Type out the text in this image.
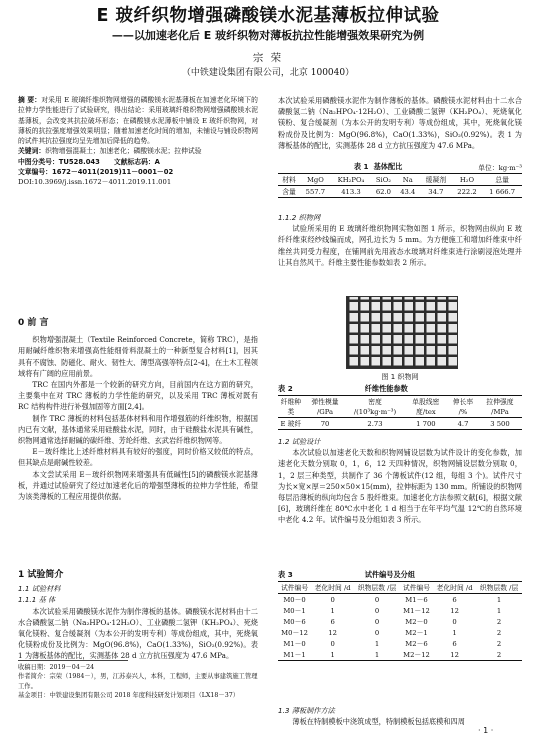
E 玻纤织物增强磷酸镁水泥基薄板拉伸试验
——以加速老化后 E 玻纤织物对薄板抗拉性能增强效果研究为例
宗 荣
（中铁建设集团有限公司，北京 100040）
摘 要：对采用 E 玻璃纤维织物网增强的磷酸镁水泥基薄板在加速老化环境下的拉伸力学性能进行了试验研究，得出结论：采用玻璃纤维织物网增强磷酸镁水泥基薄板，会改变其抗拉破坏形态；在磷酸镁水泥薄板中铺设 E 玻纤织物网，对薄板的抗拉强度增强效果明显；随着加速老化时间的增加，未铺设与铺设织物网的试件其抗拉强度均呈先增加后降低的趋势。
关键词：织物增强混凝土；加速老化；磷酸镁水泥；拉伸试验
中图分类号：TU528.043 文献标志码：A
文章编号：1672－4011(2019)11－0001－02
DOI:10.3969/j.issn.1672－4011.2019.11.001
0 前 言

织物增强混凝土（Textile Reinforced Concrete，简称 TRC），是指用耐碱纤维织物来增强高性能细骨料混凝土的一种新型复合材料[1]，因其具有不腐蚀、防磁化、耐火、韧性大、薄型高强等特点[2-4]，在土木工程领域将有广阔的应用前景。

TRC 在国内外都是一个较新的研究方向，目前国内在这方面的研究，主要集中在对 TRC 薄板的力学性能的研究，以及采用 TRC 薄板对既有 RC 结构构件进行补强加固等方面[2,4]。

制作 TRC 薄板的材料包括基体材料和用作增强筋的纤维织物，根据国内已有文献，基体通常采用硅酸盐水泥，同时，由于硅酸盐水泥具有碱性，织物网通常选择耐碱的碳纤维、芳纶纤维、玄武岩纤维织物网等。

E－玻纤维比上述纤维材料具有较好的强度，同时价格又较低的特点，但其缺点是耐碱性较差。

本文尝试采用 E－玻纤织物网来增强具有低碱性[5]的磷酸镁水泥基薄板，并通过试验研究了经过加速老化后的增强型薄板的拉伸力学性能，希望为该类薄板的工程应用提供依据。

1 试验简介
1.1 试验材料
1.1.1 基 体

本次试验采用磷酸镁水泥作为制作薄板的基体。磷酸镁水泥材料由十二水合磷酸氢二钠（Na₂HPO₄·12H₂O）、工业磷酸二氢钾（KH₂PO₄）、死烧氧化镁粉、复合缓凝剂（为本公开的发明专利）等成份组成，其中，死烧氧化镁粉成份及比例为：MgO(96.8%)，CaO(1.33%)，SiO₂(0.92%)。表 1 为薄板基体的配比，实测基体 28 d 立方抗压强度为 47.6 MPa。

收稿日期：2019－04－24
作者简介：宗荣（1984－），男，江苏泰兴人，本科，工程师，主要从事建筑施工管理工作。
基金项目：中铁建设集团有限公司 2018 年度科技研发计划项目（LX18－37）

本次试验采用磷酸镁水泥作为制作薄板的基体。磷酸镁水泥材料由十二水合磷酸氢二钠（Na₂HPO₄·12H₂O）、工业磷酸二氢钾（KH₂PO₄）、死烧氧化镁粉、复合缓凝剂（为本公开的发明专利）等成份组成，其中，死烧氧化镁粉成份及比例为：MgO(96.8%)，CaO(1.33%)，SiO₂(0.92%)。表 1 为薄板基体的配比，实测基体 28 d 立方抗压强度为 47.6 MPa。

表 1 基体配比	单位：kg·m⁻³
材料	MgO	KH₂PO₄	SiO₂	Na	缓凝剂	H₂O	总量
含量	557.7	413.3	62.0	43.4	34.7	222.2	1 666.7
1.1.2 织物网

试验所采用的 E 玻璃纤维织物网实物如图 1 所示，织物网由纵向 E 玻纤纤维束经纱线编而成，网孔边长为 5 mm。为方便施工和增加纤维束中纤维丝共同受力程度，在铺网前先用液态水玻璃对纤维束进行涂刷浸泡处理并让其自然风干。纤维主要性能参数如表 2 所示。

图 1 织物网
表 2	纤维性能参数
纤维种类	弹性模量 /GPa	密度 /(10³kg·m⁻³)	单股线密度/tex	伸长率 /%	拉伸强度 /MPa
E 玻纤	70	2.73	1 700	4.7	3 500
1.2 试验设计

本次试验以加速老化天数和织物网铺设层数为试件设计的变化参数，加速老化天数分别取 0，1，6，12 天四种情况，织物网铺设层数分别取 0，1，2 层三种类型，共制作了 36 个薄板试件(12 组，每组 3 个)。试件尺寸为长×宽×厚＝250×50×15(mm)，拉伸标距为 130 mm。所铺设的织物网每层沿薄板的纵向均包含 5 股纤维束。加速老化方法参照文献[6]，根据文献[6]，玻璃纤维在 80℃水中老化 1 d 相当于在年平均气温 12℃的自然环境中老化 4.2 年。试件编号及分组如表 3 所示。

表 3	试件编号及分组
试件编号	老化时间 /d	织物层数 /层	试件编号	老化时间 /d	织物层数 /层
M0－0	0	0	M1－6	6	1
M0－1	1	0	M1－12	12	1
M0－6	6	0	M2－0	0	2
M0－12	12	0	M2－1	1	2
M1－0	0	1	M2－6	6	2
M1－1	1	1	M2－12	12	2
1.3 薄板制作方法

薄板在特制模板中浇筑成型，特制模板包括底模和四周

· 1 ·
